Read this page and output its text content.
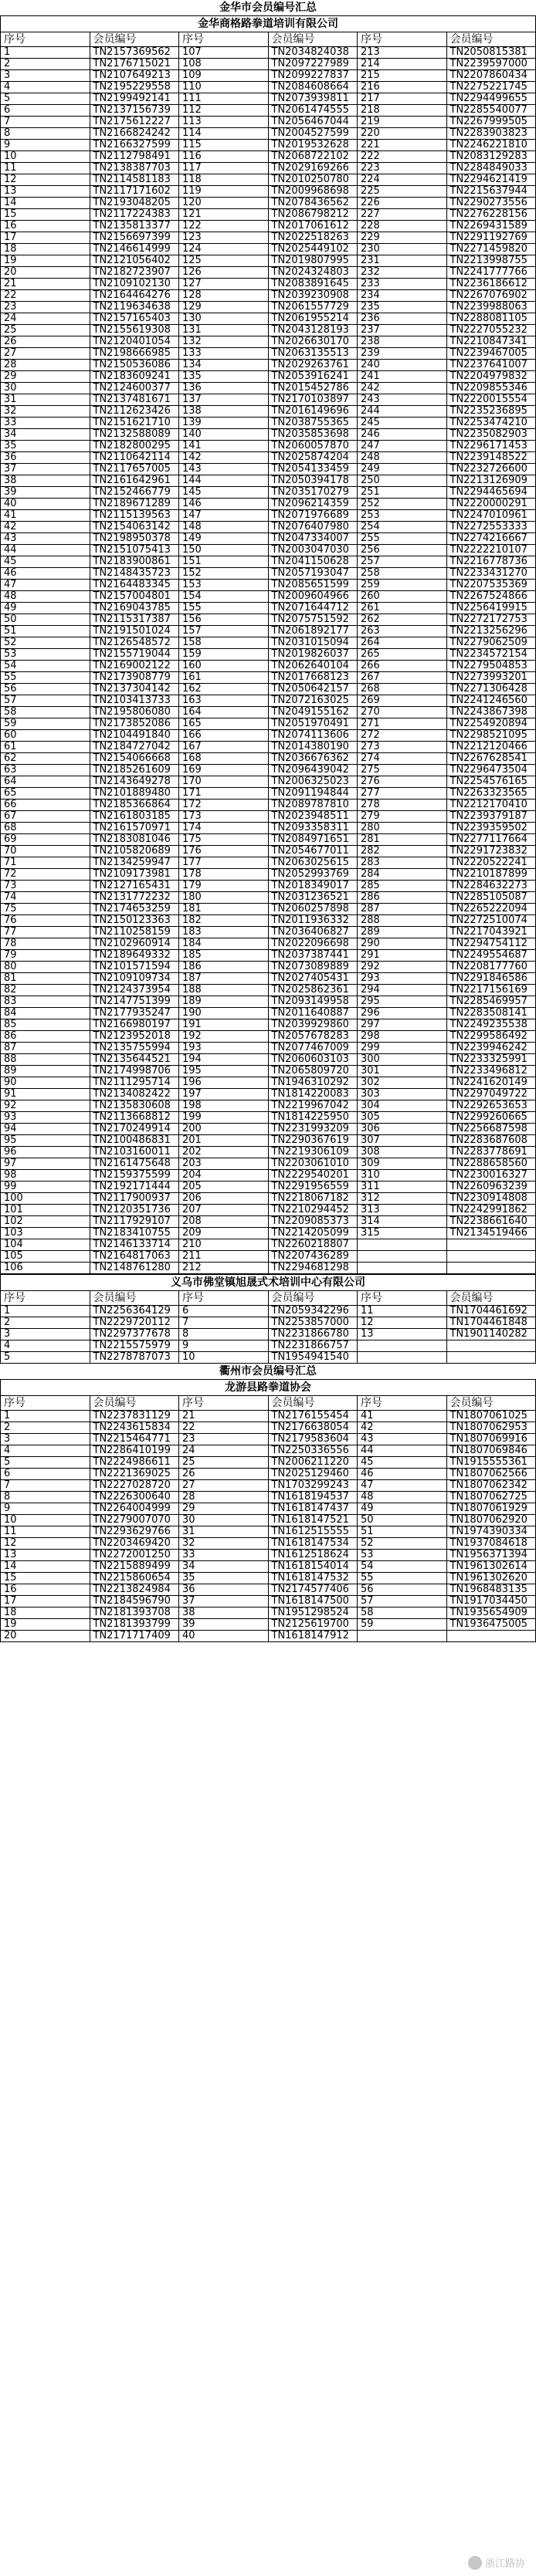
金华市会员编号汇总					
金华商格路拳道培训有限公司					
序号	会员编号	序号	会员编号	序号	会员编号
1	TN2157369562	107	TN2034824038	213	TN2050815381
2	TN2176715021	108	TN2097227989	214	TN2239597000
3	TN2107649213	109	TN2099227837	215	TN2207860434
4	TN2195229558	110	TN2084608664	216	TN2275221745
5	TN2199492141	111	TN2073939811	217	TN2294499655
6	TN2137156739	112	TN2061474555	218	TN2285540077
7	TN2175612227	113	TN2056467044	219	TN2267999505
8	TN2166824242	114	TN2004527599	220	TN2283903823
9	TN2166327599	115	TN2019532628	221	TN2246221810
10	TN2112798491	116	TN2068722102	222	TN2083129283
11	TN2138387703	117	TN2029169266	223	TN2284849033
12	TN2114581183	118	TN2010250780	224	TN2294621419
13	TN2117171602	119	TN2009968698	225	TN2215637944
14	TN2193048205	120	TN2078436562	226	TN2290273556
15	TN2117224383	121	TN2086798212	227	TN2276228156
16	TN2135813377	122	TN2017061612	228	TN2269431589
17	TN2156697399	123	TN2022518263	229	TN2291192769
18	TN2146614999	124	TN2025449102	230	TN2271459820
19	TN2121056402	125	TN2019807995	231	TN2213998755
20	TN2182723907	126	TN2024324803	232	TN2241777766
21	TN2109102130	127	TN2083891645	233	TN2236186612
22	TN2164464276	128	TN2039230908	234	TN2267076902
23	TN2119634638	129	TN2061557729	235	TN2239988063
24	TN2157165403	130	TN2061955214	236	TN2288081105
25	TN2155619308	131	TN2043128193	237	TN2227055232
26	TN2120401054	132	TN2026630170	238	TN2210847341
27	TN2198666985	133	TN2063135513	239	TN2239467005
28	TN2150536086	134	TN2029263761	240	TN2237641007
29	TN2183609241	135	TN2053916241	241	TN2204979832
30	TN2124600377	136	TN2015452786	242	TN2209855346
31	TN2137481671	137	TN2170103897	243	TN2220015554
32	TN2112623426	138	TN2016149696	244	TN2235236895
33	TN2151621710	139	TN2038755365	245	TN2253474210
34	TN2132588089	140	TN2035853698	246	TN2235082903
35	TN2182800295	141	TN2060057870	247	TN2296171453
36	TN2110642114	142	TN2025874204	248	TN2239148522
37	TN2117657005	143	TN2054133459	249	TN2232726600
38	TN2161642961	144	TN2050394178	250	TN2213126909
39	TN2152466779	145	TN2035170279	251	TN2294465694
40	TN2189671289	146	TN2096214359	252	TN2220000291
41	TN2115139563	147	TN2071976689	253	TN2247010961
42	TN2154063142	148	TN2076407980	254	TN2272553333
43	TN2198950378	149	TN2047334007	255	TN2274216667
44	TN2151075413	150	TN2003047030	256	TN2222210107
45	TN2183900861	151	TN2041150628	257	TN2216778736
46	TN2148435723	152	TN2057193047	258	TN2233431270
47	TN2164483345	153	TN2085651599	259	TN2207535369
48	TN2157004801	154	TN2009604966	260	TN2267524866
49	TN2169043785	155	TN2071644712	261	TN2256419915
50	TN2115317387	156	TN2075751592	262	TN2272172753
51	TN2191501024	157	TN2061892177	263	TN2213256296
52	TN2126548572	158	TN2031015094	264	TN2279062509
53	TN2155719044	159	TN2019826037	265	TN2234572154
54	TN2169002122	160	TN2062640104	266	TN2279504853
55	TN2173908779	161	TN2017668123	267	TN2273993201
56	TN2137304142	162	TN2050642157	268	TN2271306428
57	TN2103413733	163	TN2072163025	269	TN2241246560
58	TN2195806080	164	TN2049155162	270	TN2243867398
59	TN2173852086	165	TN2051970491	271	TN2254920894
60	TN2104491840	166	TN2074113606	272	TN2298521095
61	TN2184727042	167	TN2014380190	273	TN2212120466
62	TN2154066668	168	TN2036676362	274	TN2267628541
63	TN2185261609	169	TN2096439042	275	TN2296473504
64	TN2143649278	170	TN2006325023	276	TN2254576165
65	TN2101889480	171	TN2091194844	277	TN2263323565
66	TN2185366864	172	TN2089787810	278	TN2212170410
67	TN2161803185	173	TN2023948511	279	TN2239379187
68	TN2161570971	174	TN2093358311	280	TN2239359502
69	TN2183081046	175	TN2084971651	281	TN2277117664
70	TN2105820689	176	TN2054677011	282	TN2291723832
71	TN2134259947	177	TN2063025615	283	TN2220522241
72	TN2109173981	178	TN2052993769	284	TN2210187899
73	TN2127165431	179	TN2018349017	285	TN2284632273
74	TN2131772232	180	TN2031236521	286	TN2285105087
75	TN2174653259	181	TN2060257898	287	TN2265222094
76	TN2150123363	182	TN2011936332	288	TN2272510074
77	TN2110258159	183	TN2036406827	289	TN2217043921
78	TN2102960914	184	TN2022096698	290	TN2294754112
79	TN2189649332	185	TN2037387441	291	TN2249554687
80	TN2101571594	186	TN2073089889	292	TN2208177760
81	TN2109109734	187	TN2027405431	293	TN2291846586
82	TN2124373954	188	TN2025862361	294	TN2217156169
83	TN2147751399	189	TN2093149958	295	TN2285469957
84	TN2177935247	190	TN2011640887	296	TN2283508141
85	TN2166980197	191	TN2039929860	297	TN2249235538
86	TN2123952018	192	TN2057678283	298	TN2299586492
87	TN2135755994	193	TN2077467009	299	TN2239946242
88	TN2135644521	194	TN2060603103	300	TN2233325991
89	TN2174998706	195	TN2065809720	301	TN2233496812
90	TN2111295714	196	TN1946310292	302	TN2241620149
91	TN2134082422	197	TN1814220083	303	TN2297049722
92	TN2135830608	198	TN2219967042	304	TN2292653653
93	TN2113668812	199	TN1814225950	305	TN2299260665
94	TN2170249914	200	TN2231993209	306	TN2256687598
95	TN2100486831	201	TN2290367619	307	TN2283687608
96	TN2103160011	202	TN2219306109	308	TN2283778691
97	TN2161475648	203	TN2203061010	309	TN2288658560
98	TN2159375599	204	TN2229540201	310	TN2230016327
99	TN2192171444	205	TN2291956559	311	TN2260963239
100	TN2117900937	206	TN2218067182	312	TN2230914808
101	TN2120351736	207	TN2210294452	313	TN2242991862
102	TN2117929107	208	TN2209085373	314	TN2238661640
103	TN2183410755	209	TN2214205099	315	TN2134519466
104	TN2146133714	210	TN2260218807		
105	TN2164817063	211	TN2207436289		
106	TN2148761280	212	TN2294681298		
义乌市佛堂镇旭晟式术培训中心有限公司					
序号	会员编号	序号	会员编号	序号	会员编号
1	TN2256364129	6	TN2059342296	11	TN1704461692
2	TN2229720112	7	TN2253857000	12	TN1704461848
3	TN2297377678	8	TN2231866780	13	TN1901140282
4	TN2215575979	9	TN2231866757		
5	TN2278787073	10	TN1954941540		
衢州市会员编号汇总					
龙游县路拳道协会					
序号	会员编号	序号	会员编号	序号	会员编号
1	TN2237831129	21	TN2176155454	41	TN1807061025
2	TN2243615834	22	TN2176638054	42	TN1807062953
3	TN2215464771	23	TN2179583604	43	TN1807069916
4	TN2286410199	24	TN2250336556	44	TN1807069846
5	TN2224986611	25	TN2006211220	45	TN1915555361
6	TN2221369025	26	TN2025129460	46	TN1807062566
7	TN2227028720	27	TN1703299243	47	TN1807062342
8	TN2226300640	28	TN1618194537	48	TN1807062725
9	TN2264004999	29	TN1618147437	49	TN1807061929
10	TN2279007070	30	TN1618147521	50	TN1807062920
11	TN2293629766	31	TN1612515555	51	TN1974390334
12	TN2203469420	32	TN1618147534	52	TN1937084618
13	TN2272001250	33	TN1612518624	53	TN1956371394
14	TN2215889499	34	TN1618154014	54	TN1961302614
15	TN2215860654	35	TN1618147532	55	TN1961302620
16	TN2213824984	36	TN2174577406	56	TN1968483135
17	TN2184596790	37	TN1618147500	57	TN1917034450
18	TN2181393708	38	TN1951298524	58	TN1935654909
19	TN2181393799	39	TN2125619700	59	TN1936475005
20	TN2171717409	40	TN1618147912		
浙江路协
